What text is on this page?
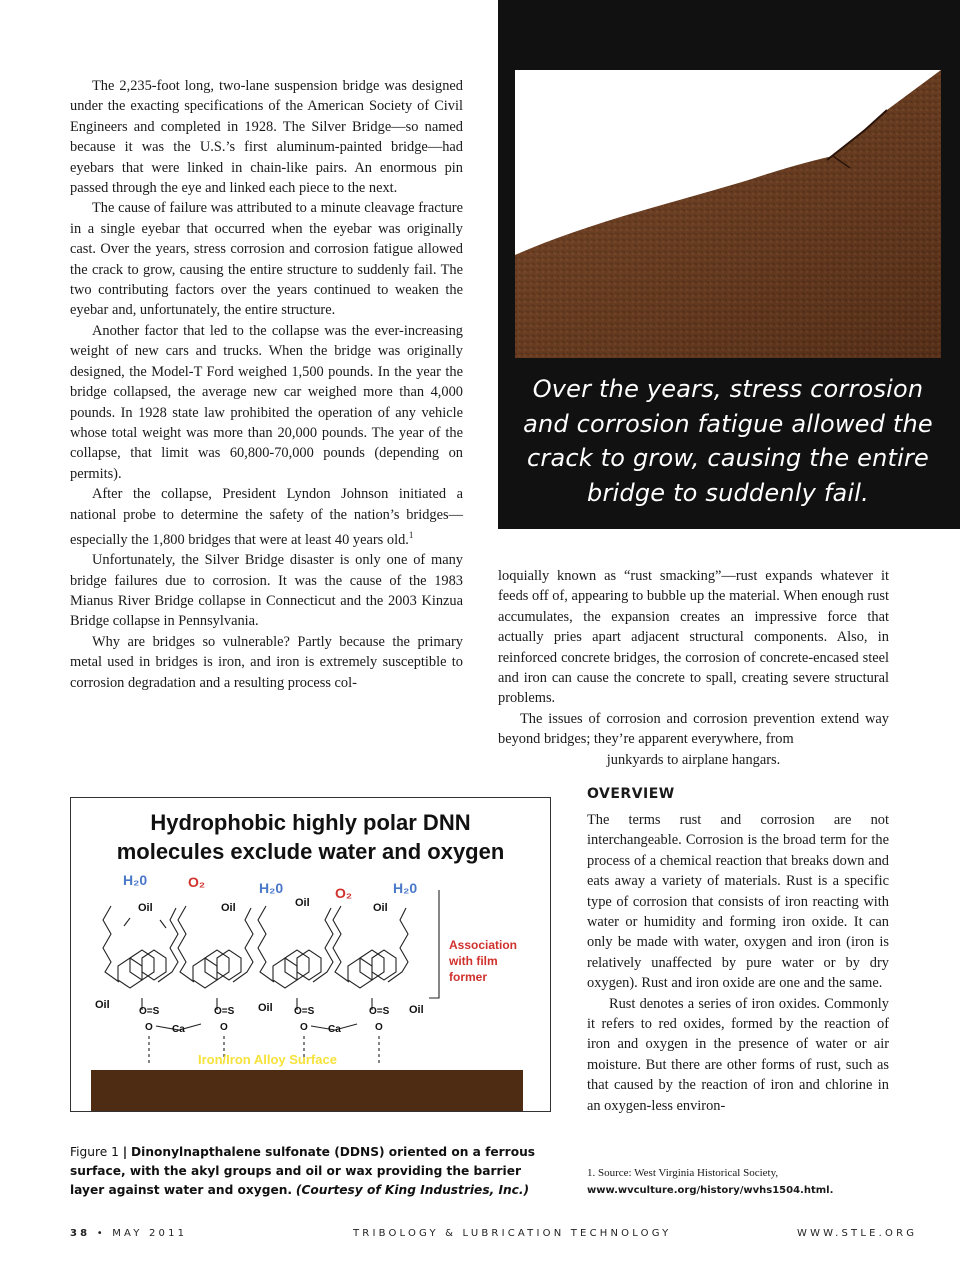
The 2,235-foot long, two-lane suspension bridge was designed under the exacting specifications of the American Society of Civil Engineers and completed in 1928. The Silver Bridge—so named because it was the U.S.’s first aluminum-painted bridge—had eyebars that were linked in chain-like pairs. An enormous pin passed through the eye and linked each piece to the next.

The cause of failure was attributed to a minute cleavage fracture in a single eyebar that occurred when the eyebar was originally cast. Over the years, stress corrosion and corrosion fatigue allowed the crack to grow, causing the entire structure to suddenly fail. The two contributing factors over the years continued to weaken the eyebar and, unfortunately, the entire structure.

Another factor that led to the collapse was the ever-increasing weight of new cars and trucks. When the bridge was originally designed, the Model-T Ford weighed 1,500 pounds. In the year the bridge collapsed, the average new car weighed more than 4,000 pounds. In 1928 state law prohibited the operation of any vehicle whose total weight was more than 20,000 pounds. The year of the collapse, that limit was 60,800-70,000 pounds (depending on permits).

After the collapse, President Lyndon Johnson initiated a national probe to determine the safety of the nation’s bridges—especially the 1,800 bridges that were at least 40 years old.$^1$

Unfortunately, the Silver Bridge disaster is only one of many bridge failures due to corrosion. It was the cause of the 1983 Mianus River Bridge collapse in Connecticut and the 2003 Kinzua Bridge collapse in Pennsylvania.

Why are bridges so vulnerable? Partly because the primary metal used in bridges is iron, and iron is extremely susceptible to corrosion degradation and a resulting process col-

Over the years, stress corrosion and corrosion fatigue allowed the crack to grow, causing the entire bridge to suddenly fail.

loquially known as “rust smacking”—rust expands whatever it feeds off of, appearing to bubble up the material. When enough rust accumulates, the expansion creates an impressive force that actually pries apart adjacent structural components. Also, in reinforced concrete bridges, the corrosion of concrete-encased steel and iron can cause the concrete to spall, creating severe structural problems.

The issues of corrosion and corrosion prevention extend way beyond bridges; they’re apparent everywhere, from

junkyards to airplane hangars.

OVERVIEW

The terms rust and corrosion are not interchangeable. Corrosion is the broad term for the process of a chemical reaction that breaks down and eats away a variety of materials. Rust is a specific type of corrosion that consists of iron reacting with water or humidity and forming iron oxide. It can only be made with water, oxygen and iron (iron is relatively unaffected by pure water or by dry oxygen). Rust and iron oxide are one and the same.

Rust denotes a series of iron oxides. Commonly it refers to red oxides, formed by the reaction of iron and oxygen in the presence of water or air moisture. But there are other forms of rust, such as that caused by the reaction of iron and chlorine in an oxygen-less environ-

1. Source: West Virginia Historical Society, www.wvculture.org/history/wvhs1504.html.
Hydrophobic highly polar DNN
molecules exclude water and oxygen
H₂0	O₂	H₂0	O₂	H₂0
Oil	Oil	Oil	Oil
Oil	Oil	Oil
Association
with film
former
O=S	O=S	O=S	O=S
O	O	O	O
Ca	Ca
Iron/Iron Alloy Surface
Figure 1 | Dinonylnapthalene sulfonate (DDNS) oriented on a ferrous surface, with the akyl groups and oil or wax providing the barrier layer against water and oxygen. (Courtesy of King Industries, Inc.)
38 • MAY 2011	TRIBOLOGY & LUBRICATION TECHNOLOGY	WWW.STLE.ORG
